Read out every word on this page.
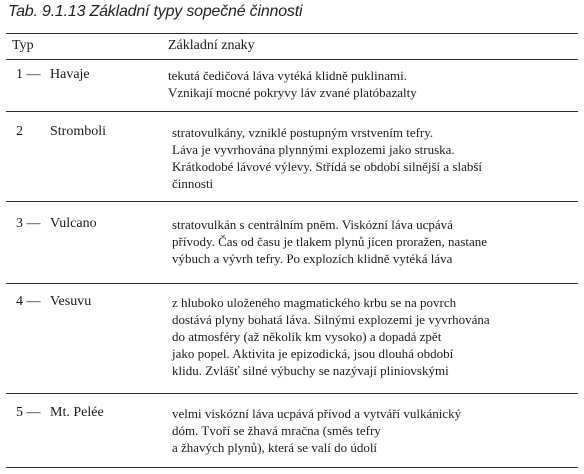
Tab. 9.1.13 Základní typy sopečné činnosti
Typ	Základní znaky
1 — Havaje	tekutá čedičová láva vytéká klidně puklinami.
Vznikají mocné pokryvy láv zvané platóbazalty
2 Stromboli	stratovulkány, vzniklé postupným vrstvením tefry.
Láva je vyvrhována plynnými explozemi jako struska.
Krátkodobé lávové výlevy. Střídá se období silnější a slabší
činnosti
3 — Vulcano	stratovulkán s centrálním pněm. Viskózní láva ucpává
přívody. Čas od času je tlakem plynů jícen proražen, nastane
výbuch a vývrh tefry. Po explozích klidně vytéká láva
4 — Vesuvu	z hluboko uloženého magmatického krbu se na povrch
dostává plyny bohatá láva. Silnými explozemi je vyvrhována
do atmosféry (až několik km vysoko) a dopadá zpět
jako popel. Aktivita je epizodická, jsou dlouhá období
klidu. Zvlášť silné výbuchy se nazývají pliniovskými
5 — Mt. Pelée	velmi viskózní láva ucpává přívod a vytváří vulkánický
dóm. Tvoří se žhavá mračna (směs tefry
a žhavých plynů), která se valí do údolí
